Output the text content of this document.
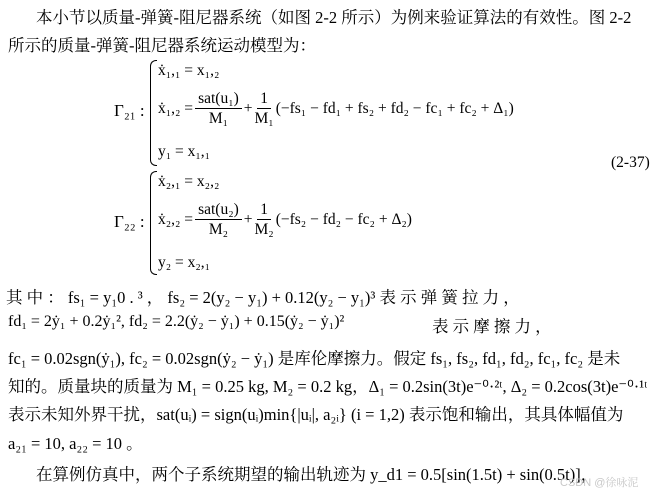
本小节以质量-弹簧-阻尼器系统（如图 2-2 所示）为例来验证算法的有效性。图 2-2
所示的质量-弹簧-阻尼器系统运动模型为：
Γ₂₁ :
ẋ₁,₁ = x₁,₂
ẋ₁,₂ = $\frac{\text{sat(u₁)}}{\text{M₁}} + \frac{1}{\text{M₁}} (-fs_1 - fd_1 + fs_2 + fd_2 - fc_1 + fc_2 + \Delta_1)$
y₁ = x₁,₁
(2-37)
Γ₂₂ :
ẋ₂,₁ = x₂,₂
ẋ₂,₂ = $\frac{\text{sat(u₂)}}{\text{M₂}} + \frac{1}{\text{M₂}} (-fs_2 - fd_2 - fc_2 + \Delta_2)$
y₂ = x₂,₁
其 中 ： fs₁ = y₁0 . ³ ， fs₂ = 2(y₂ − y₁) + 0.12(y₂ − y₁)³ 表 示 弹 簧 拉 力 ，
fd₁ = 2ẏ₁ + 0.2ẏ₁², fd₂ = 2.2(ẏ₂ − ẏ₁) + 0.15(ẏ₂ − ẏ₁)²	表 示 摩 擦 力 ，
fc₁ = 0.02sgn(ẏ₁), fc₂ = 0.02sgn(ẏ₂ − ẏ₁) 是库伦摩擦力。假定 fs₁, fs₂, fd₁, fd₂, fc₁, fc₂ 是未
知的。质量块的质量为 M₁ = 0.25 kg, M₂ = 0.2 kg，Δ₁ = 0.2sin(3t)e⁻⁰·²ᵗ, Δ₂ = 0.2cos(3t)e⁻⁰·¹ᵗ
表示未知外界干扰，sat(uᵢ) = sign(uᵢ)min{|uᵢ|, a₂ᵢ} (i = 1,2) 表示饱和输出，其具体幅值为
a₂₁ = 10, a₂₂ = 10 。
在算例仿真中，两个子系统期望的输出轨迹为 y_d1 = 0.5[sin(1.5t) + sin(0.5t)]，
CSDN @徐咏泥
